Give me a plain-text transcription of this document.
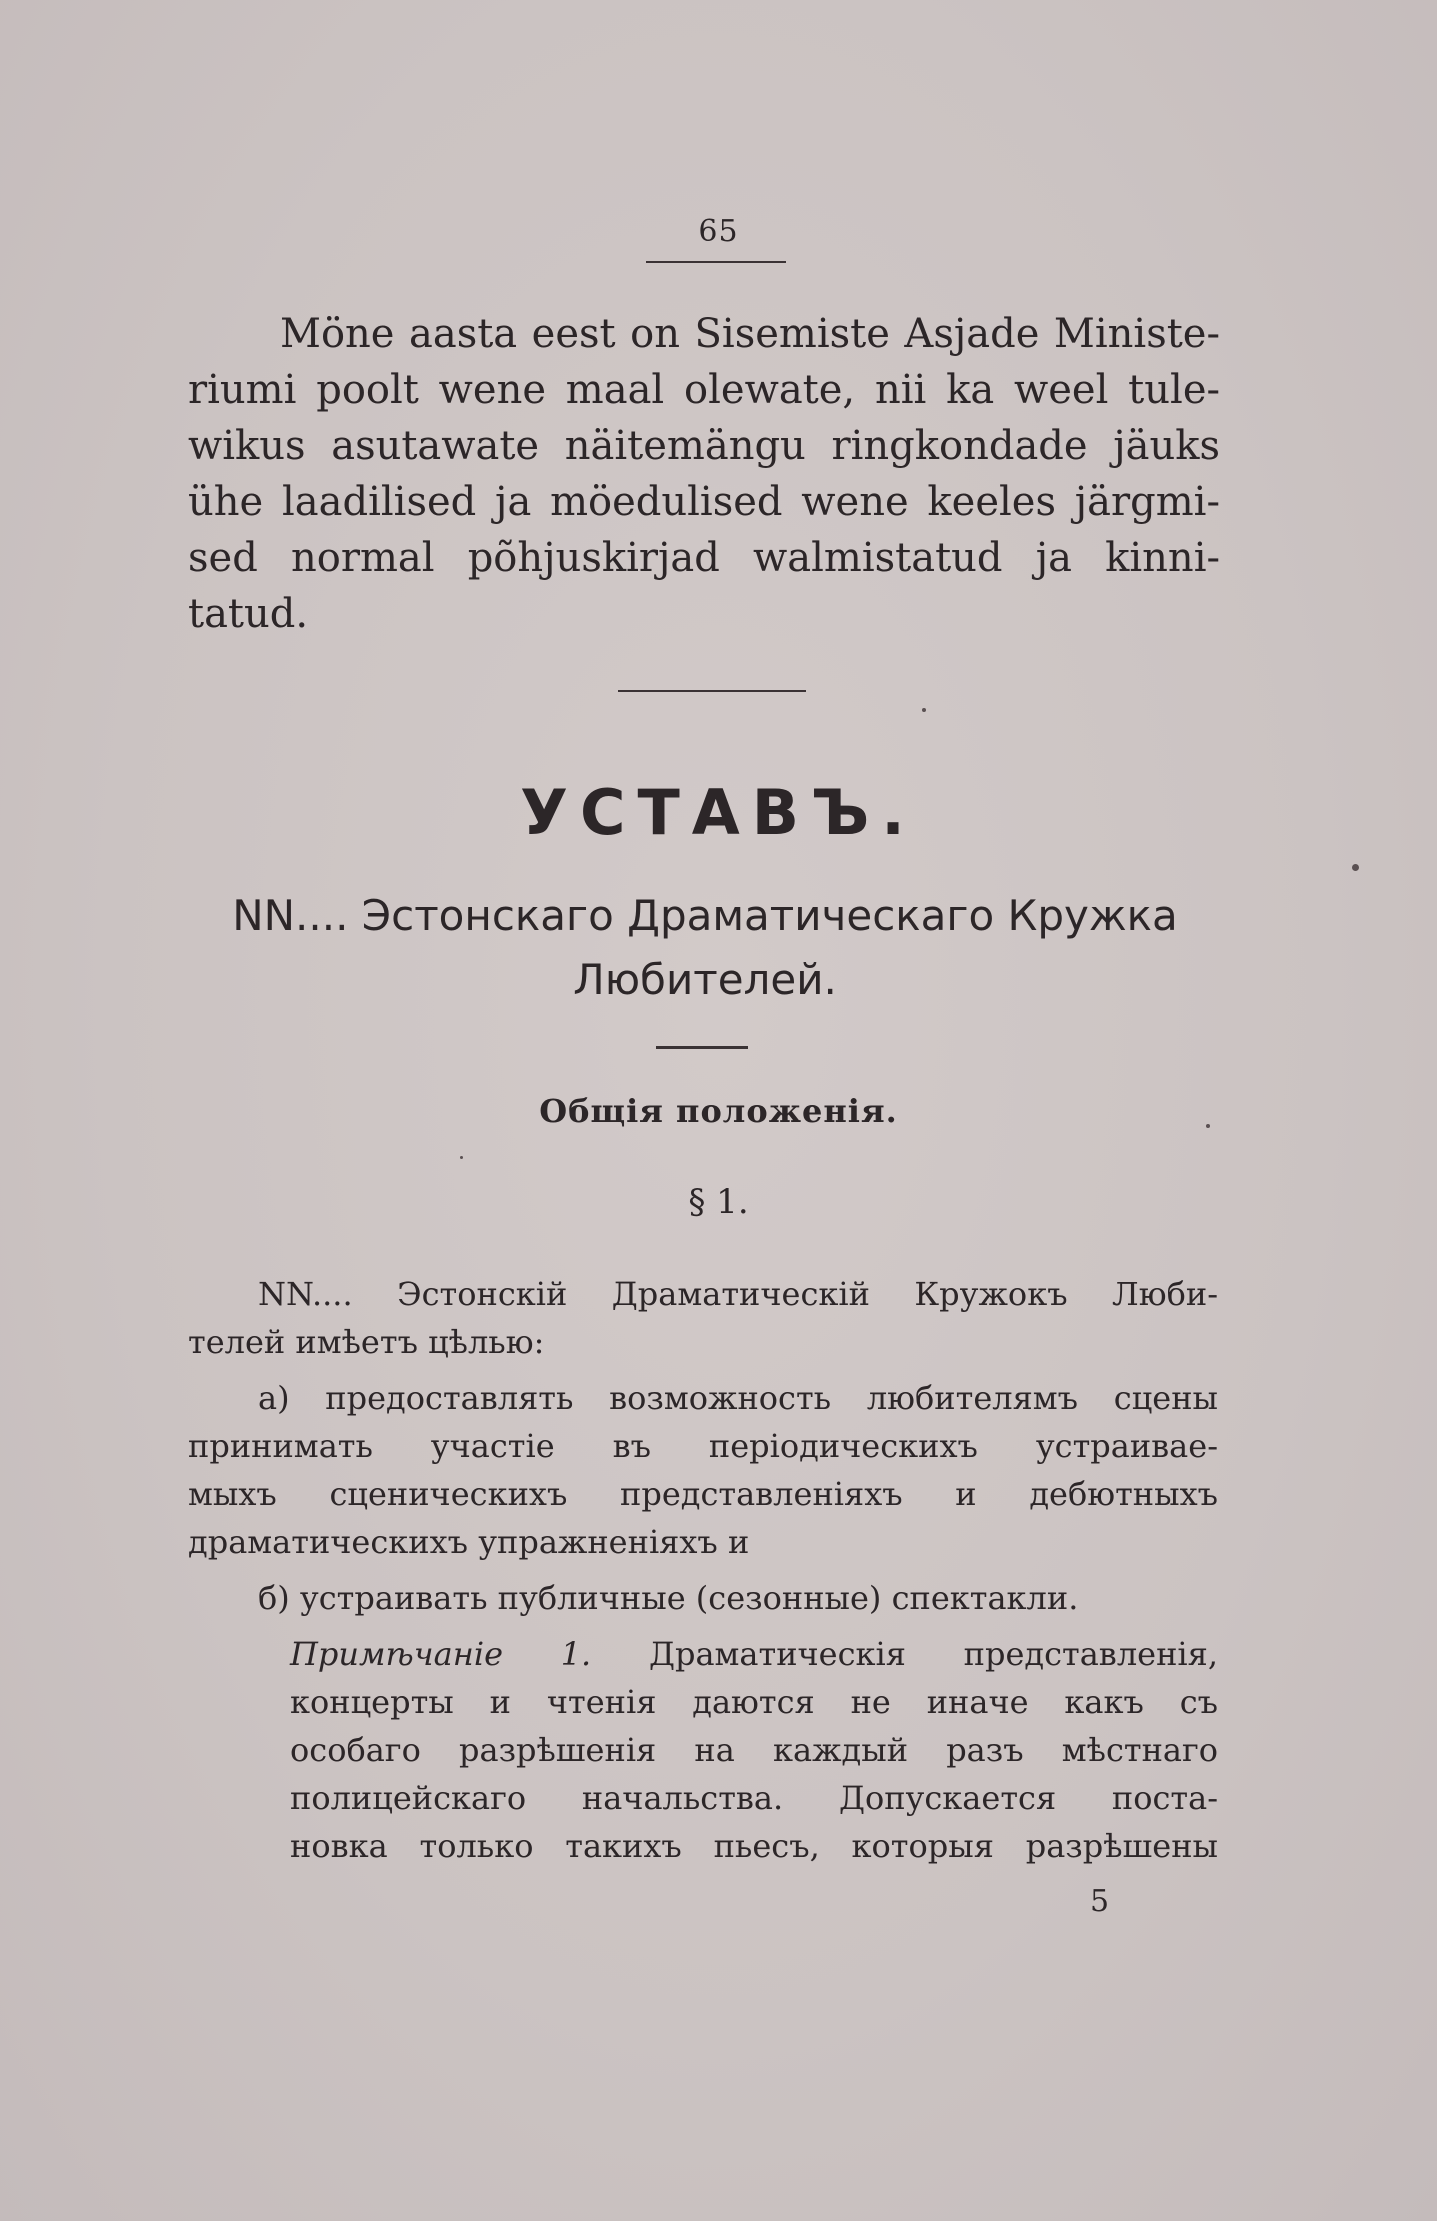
65
Möne aasta eest on Sisemiste Asjade Ministe-
riumi poolt wene maal olewate, nii ka weel tule-
wikus asutawate näitemängu ringkondade jäuks
ühe laadilised ja möedulised wene keeles järgmi-
sed normal põhjuskirjad walmistatud ja kinni-
tatud.
УСТАВЪ.
NN.... Эстонскаго Драматическаго Кружка
Любителей.
Общія положенія.
§ 1.
NN.... Эстонскій Драматическій Кружокъ Люби-
телей имѣетъ цѣлью:
а) предоставлять возможность любителямъ сцены
принимать участіе въ періодическихъ устраивае-
мыхъ сценическихъ представленіяхъ и дебютныхъ
драматическихъ упражненіяхъ и
б) устраивать публичные (сезонные) спектакли.
Примѣчаніе 1. Драматическія представленія,
концерты и чтенія даются не иначе какъ съ
особаго разрѣшенія на каждый разъ мѣстнаго
полицейскаго начальства. Допускается поста-
новка только такихъ пьесъ, которыя разрѣшены
5
